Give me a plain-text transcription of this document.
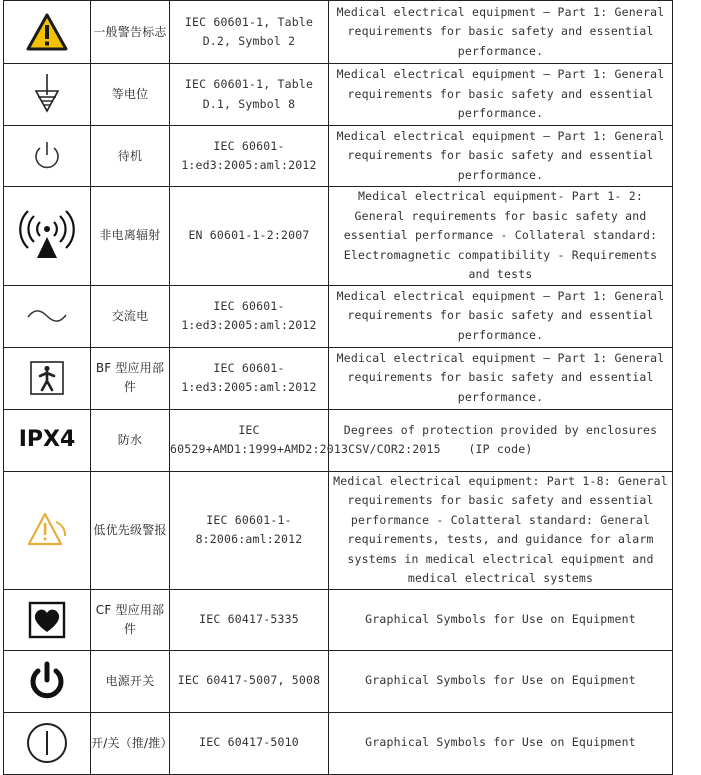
	一般警告标志	IEC 60601-1, Table D.2, Symbol 2	Medical electrical equipment — Part 1: General requirements for basic safety and essential performance.

	等电位	IEC 60601-1, Table D.1, Symbol 8	Medical electrical equipment — Part 1: General requirements for basic safety and essential performance.

	待机	IEC 60601-1:ed3:2005:aml:2012	Medical electrical equipment — Part 1: General requirements for basic safety and essential performance.

	非电离辐射	EN 60601-1-2:2007	Medical electrical equipment- Part 1- 2: General requirements for basic safety and essential performance - Collateral standard: Electromagnetic compatibility - Requirements and tests

	交流电	IEC 60601-1:ed3:2005:aml:2012	Medical electrical equipment — Part 1: General requirements for basic safety and essential performance.

	BF 型应用部件	IEC 60601-1:ed3:2005:aml:2012	Medical electrical equipment — Part 1: General requirements for basic safety and essential performance.

IPX4	防水	IEC 60529+AMD1:1999+AMD2:2013CSV/COR2:2015	Degrees of protection provided by enclosures (IP code)

	低优先级警报	IEC 60601-1-8:2006:aml:2012	Medical electrical equipment: Part 1-8: General requirements for basic safety and essential performance - Colatteral standard: General requirements, tests, and guidance for alarm systems in medical electrical equipment and medical electrical systems

	CF 型应用部件	IEC 60417-5335	Graphical Symbols for Use on Equipment

	电源开关	IEC 60417-5007, 5008	Graphical Symbols for Use on Equipment

	开/关（推/推）	IEC 60417-5010	Graphical Symbols for Use on Equipment
